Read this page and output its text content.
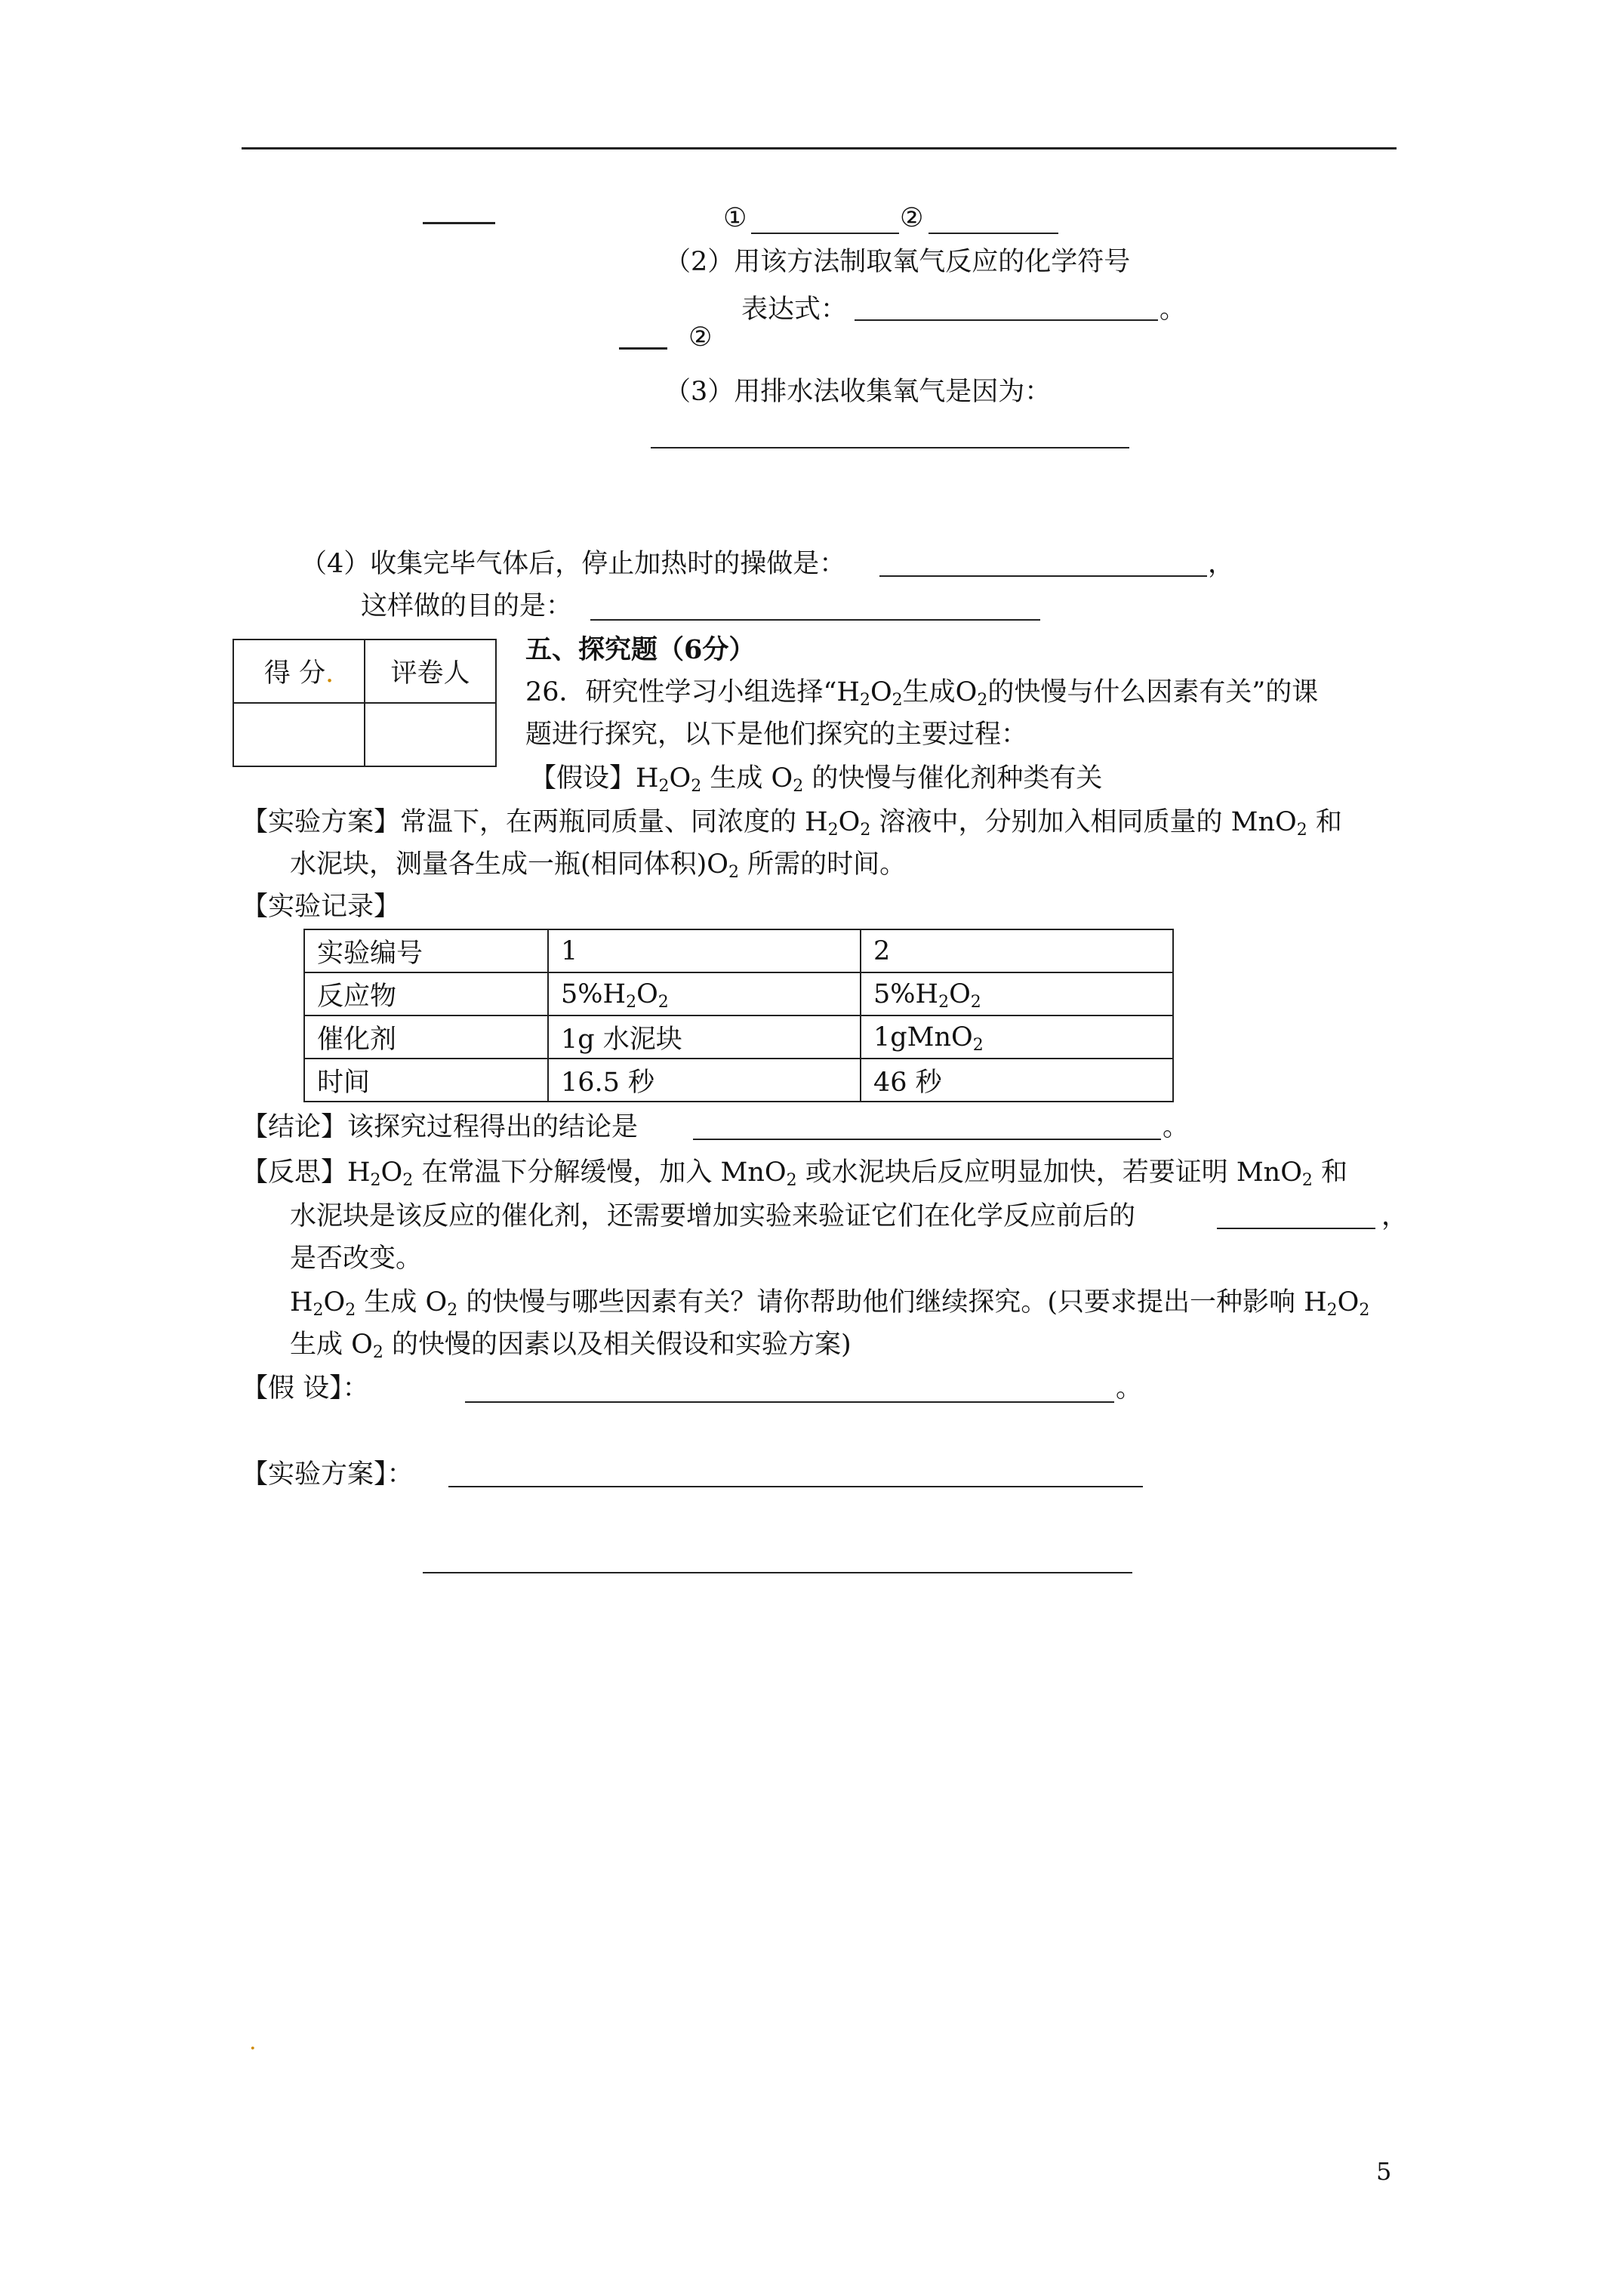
①	②
（2）用该方法制取氧气反应的化学符号
表达式：	。
②
（3）用排水法收集氧气是因为：
（4）收集完毕气体后，停止加热时的操做是：	，
这样做的目的是：
得 分.	评卷人

五、探究题（6分）
26．研究性学习小组选择“$H_2O_2$生成$O_2$的快慢与什么因素有关”的课
题进行探究，以下是他们探究的主要过程：
【假设】$H_2O_2$ 生成 $O_2$ 的快慢与催化剂种类有关
【实验方案】常温下，在两瓶同质量、同浓度的 $H_2O_2$ 溶液中，分别加入相同质量的 MnO$_2$ 和
水泥块，测量各生成一瓶(相同体积)$O_2$ 所需的时间。
【实验记录】
实验编号	1	2
反应物	$5\%H_2O_2$	$5\%H_2O_2$
催化剂	1g 水泥块	1gMnO$_2$
时间	16.5 秒	46 秒
【结论】该探究过程得出的结论是	。
【反思】$H_2O_2$ 在常温下分解缓慢，加入 MnO$_2$ 或水泥块后反应明显加快，若要证明 MnO$_2$ 和
水泥块是该反应的催化剂，还需要增加实验来验证它们在化学反应前后的	，
是否改变。
$H_2O_2$ 生成 $O_2$ 的快慢与哪些因素有关？请你帮助他们继续探究。(只要求提出一种影响 $H_2O_2$
生成 $O_2$ 的快慢的因素以及相关假设和实验方案)
【假 设】：	。
【实验方案】：
.
5
